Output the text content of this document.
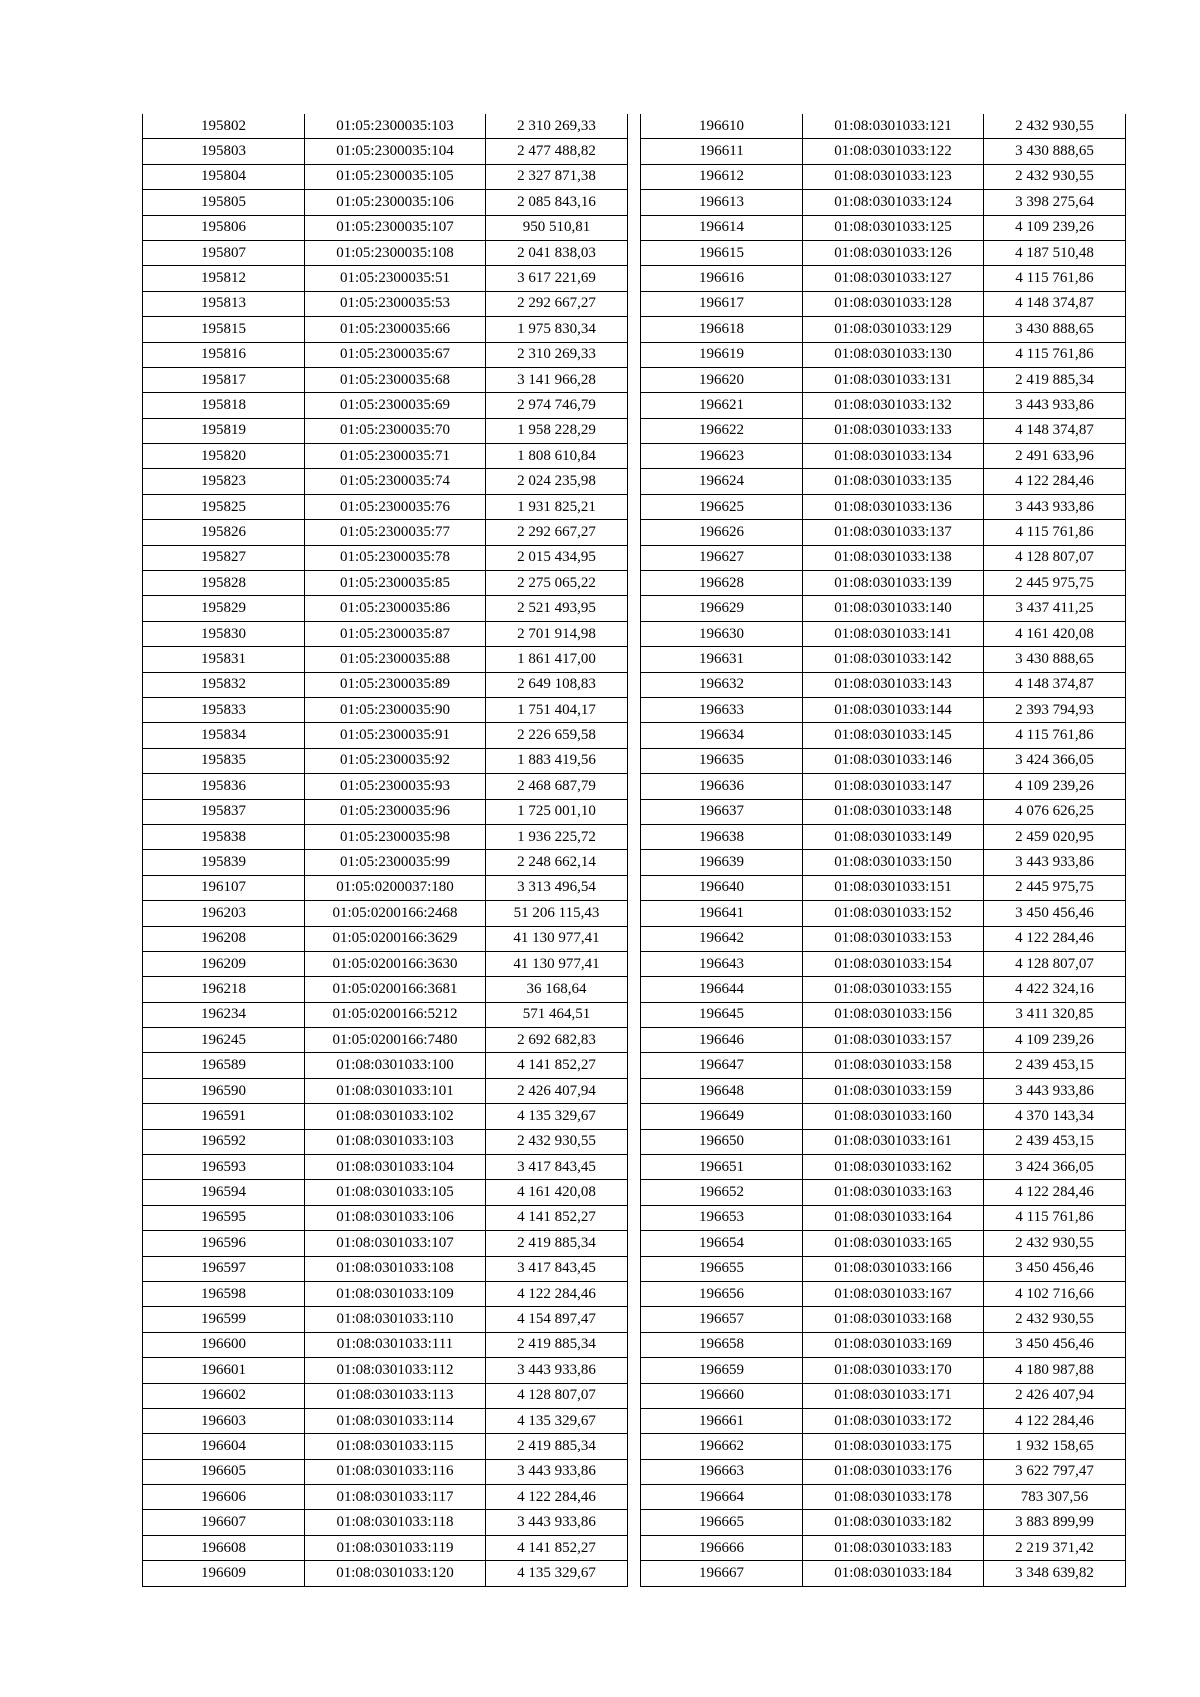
195802	01:05:2300035:103	2 310 269,33
195803	01:05:2300035:104	2 477 488,82
195804	01:05:2300035:105	2 327 871,38
195805	01:05:2300035:106	2 085 843,16
195806	01:05:2300035:107	950 510,81
195807	01:05:2300035:108	2 041 838,03
195812	01:05:2300035:51	3 617 221,69
195813	01:05:2300035:53	2 292 667,27
195815	01:05:2300035:66	1 975 830,34
195816	01:05:2300035:67	2 310 269,33
195817	01:05:2300035:68	3 141 966,28
195818	01:05:2300035:69	2 974 746,79
195819	01:05:2300035:70	1 958 228,29
195820	01:05:2300035:71	1 808 610,84
195823	01:05:2300035:74	2 024 235,98
195825	01:05:2300035:76	1 931 825,21
195826	01:05:2300035:77	2 292 667,27
195827	01:05:2300035:78	2 015 434,95
195828	01:05:2300035:85	2 275 065,22
195829	01:05:2300035:86	2 521 493,95
195830	01:05:2300035:87	2 701 914,98
195831	01:05:2300035:88	1 861 417,00
195832	01:05:2300035:89	2 649 108,83
195833	01:05:2300035:90	1 751 404,17
195834	01:05:2300035:91	2 226 659,58
195835	01:05:2300035:92	1 883 419,56
195836	01:05:2300035:93	2 468 687,79
195837	01:05:2300035:96	1 725 001,10
195838	01:05:2300035:98	1 936 225,72
195839	01:05:2300035:99	2 248 662,14
196107	01:05:0200037:180	3 313 496,54
196203	01:05:0200166:2468	51 206 115,43
196208	01:05:0200166:3629	41 130 977,41
196209	01:05:0200166:3630	41 130 977,41
196218	01:05:0200166:3681	36 168,64
196234	01:05:0200166:5212	571 464,51
196245	01:05:0200166:7480	2 692 682,83
196589	01:08:0301033:100	4 141 852,27
196590	01:08:0301033:101	2 426 407,94
196591	01:08:0301033:102	4 135 329,67
196592	01:08:0301033:103	2 432 930,55
196593	01:08:0301033:104	3 417 843,45
196594	01:08:0301033:105	4 161 420,08
196595	01:08:0301033:106	4 141 852,27
196596	01:08:0301033:107	2 419 885,34
196597	01:08:0301033:108	3 417 843,45
196598	01:08:0301033:109	4 122 284,46
196599	01:08:0301033:110	4 154 897,47
196600	01:08:0301033:111	2 419 885,34
196601	01:08:0301033:112	3 443 933,86
196602	01:08:0301033:113	4 128 807,07
196603	01:08:0301033:114	4 135 329,67
196604	01:08:0301033:115	2 419 885,34
196605	01:08:0301033:116	3 443 933,86
196606	01:08:0301033:117	4 122 284,46
196607	01:08:0301033:118	3 443 933,86
196608	01:08:0301033:119	4 141 852,27
196609	01:08:0301033:120	4 135 329,67
196610	01:08:0301033:121	2 432 930,55
196611	01:08:0301033:122	3 430 888,65
196612	01:08:0301033:123	2 432 930,55
196613	01:08:0301033:124	3 398 275,64
196614	01:08:0301033:125	4 109 239,26
196615	01:08:0301033:126	4 187 510,48
196616	01:08:0301033:127	4 115 761,86
196617	01:08:0301033:128	4 148 374,87
196618	01:08:0301033:129	3 430 888,65
196619	01:08:0301033:130	4 115 761,86
196620	01:08:0301033:131	2 419 885,34
196621	01:08:0301033:132	3 443 933,86
196622	01:08:0301033:133	4 148 374,87
196623	01:08:0301033:134	2 491 633,96
196624	01:08:0301033:135	4 122 284,46
196625	01:08:0301033:136	3 443 933,86
196626	01:08:0301033:137	4 115 761,86
196627	01:08:0301033:138	4 128 807,07
196628	01:08:0301033:139	2 445 975,75
196629	01:08:0301033:140	3 437 411,25
196630	01:08:0301033:141	4 161 420,08
196631	01:08:0301033:142	3 430 888,65
196632	01:08:0301033:143	4 148 374,87
196633	01:08:0301033:144	2 393 794,93
196634	01:08:0301033:145	4 115 761,86
196635	01:08:0301033:146	3 424 366,05
196636	01:08:0301033:147	4 109 239,26
196637	01:08:0301033:148	4 076 626,25
196638	01:08:0301033:149	2 459 020,95
196639	01:08:0301033:150	3 443 933,86
196640	01:08:0301033:151	2 445 975,75
196641	01:08:0301033:152	3 450 456,46
196642	01:08:0301033:153	4 122 284,46
196643	01:08:0301033:154	4 128 807,07
196644	01:08:0301033:155	4 422 324,16
196645	01:08:0301033:156	3 411 320,85
196646	01:08:0301033:157	4 109 239,26
196647	01:08:0301033:158	2 439 453,15
196648	01:08:0301033:159	3 443 933,86
196649	01:08:0301033:160	4 370 143,34
196650	01:08:0301033:161	2 439 453,15
196651	01:08:0301033:162	3 424 366,05
196652	01:08:0301033:163	4 122 284,46
196653	01:08:0301033:164	4 115 761,86
196654	01:08:0301033:165	2 432 930,55
196655	01:08:0301033:166	3 450 456,46
196656	01:08:0301033:167	4 102 716,66
196657	01:08:0301033:168	2 432 930,55
196658	01:08:0301033:169	3 450 456,46
196659	01:08:0301033:170	4 180 987,88
196660	01:08:0301033:171	2 426 407,94
196661	01:08:0301033:172	4 122 284,46
196662	01:08:0301033:175	1 932 158,65
196663	01:08:0301033:176	3 622 797,47
196664	01:08:0301033:178	783 307,56
196665	01:08:0301033:182	3 883 899,99
196666	01:08:0301033:183	2 219 371,42
196667	01:08:0301033:184	3 348 639,82
